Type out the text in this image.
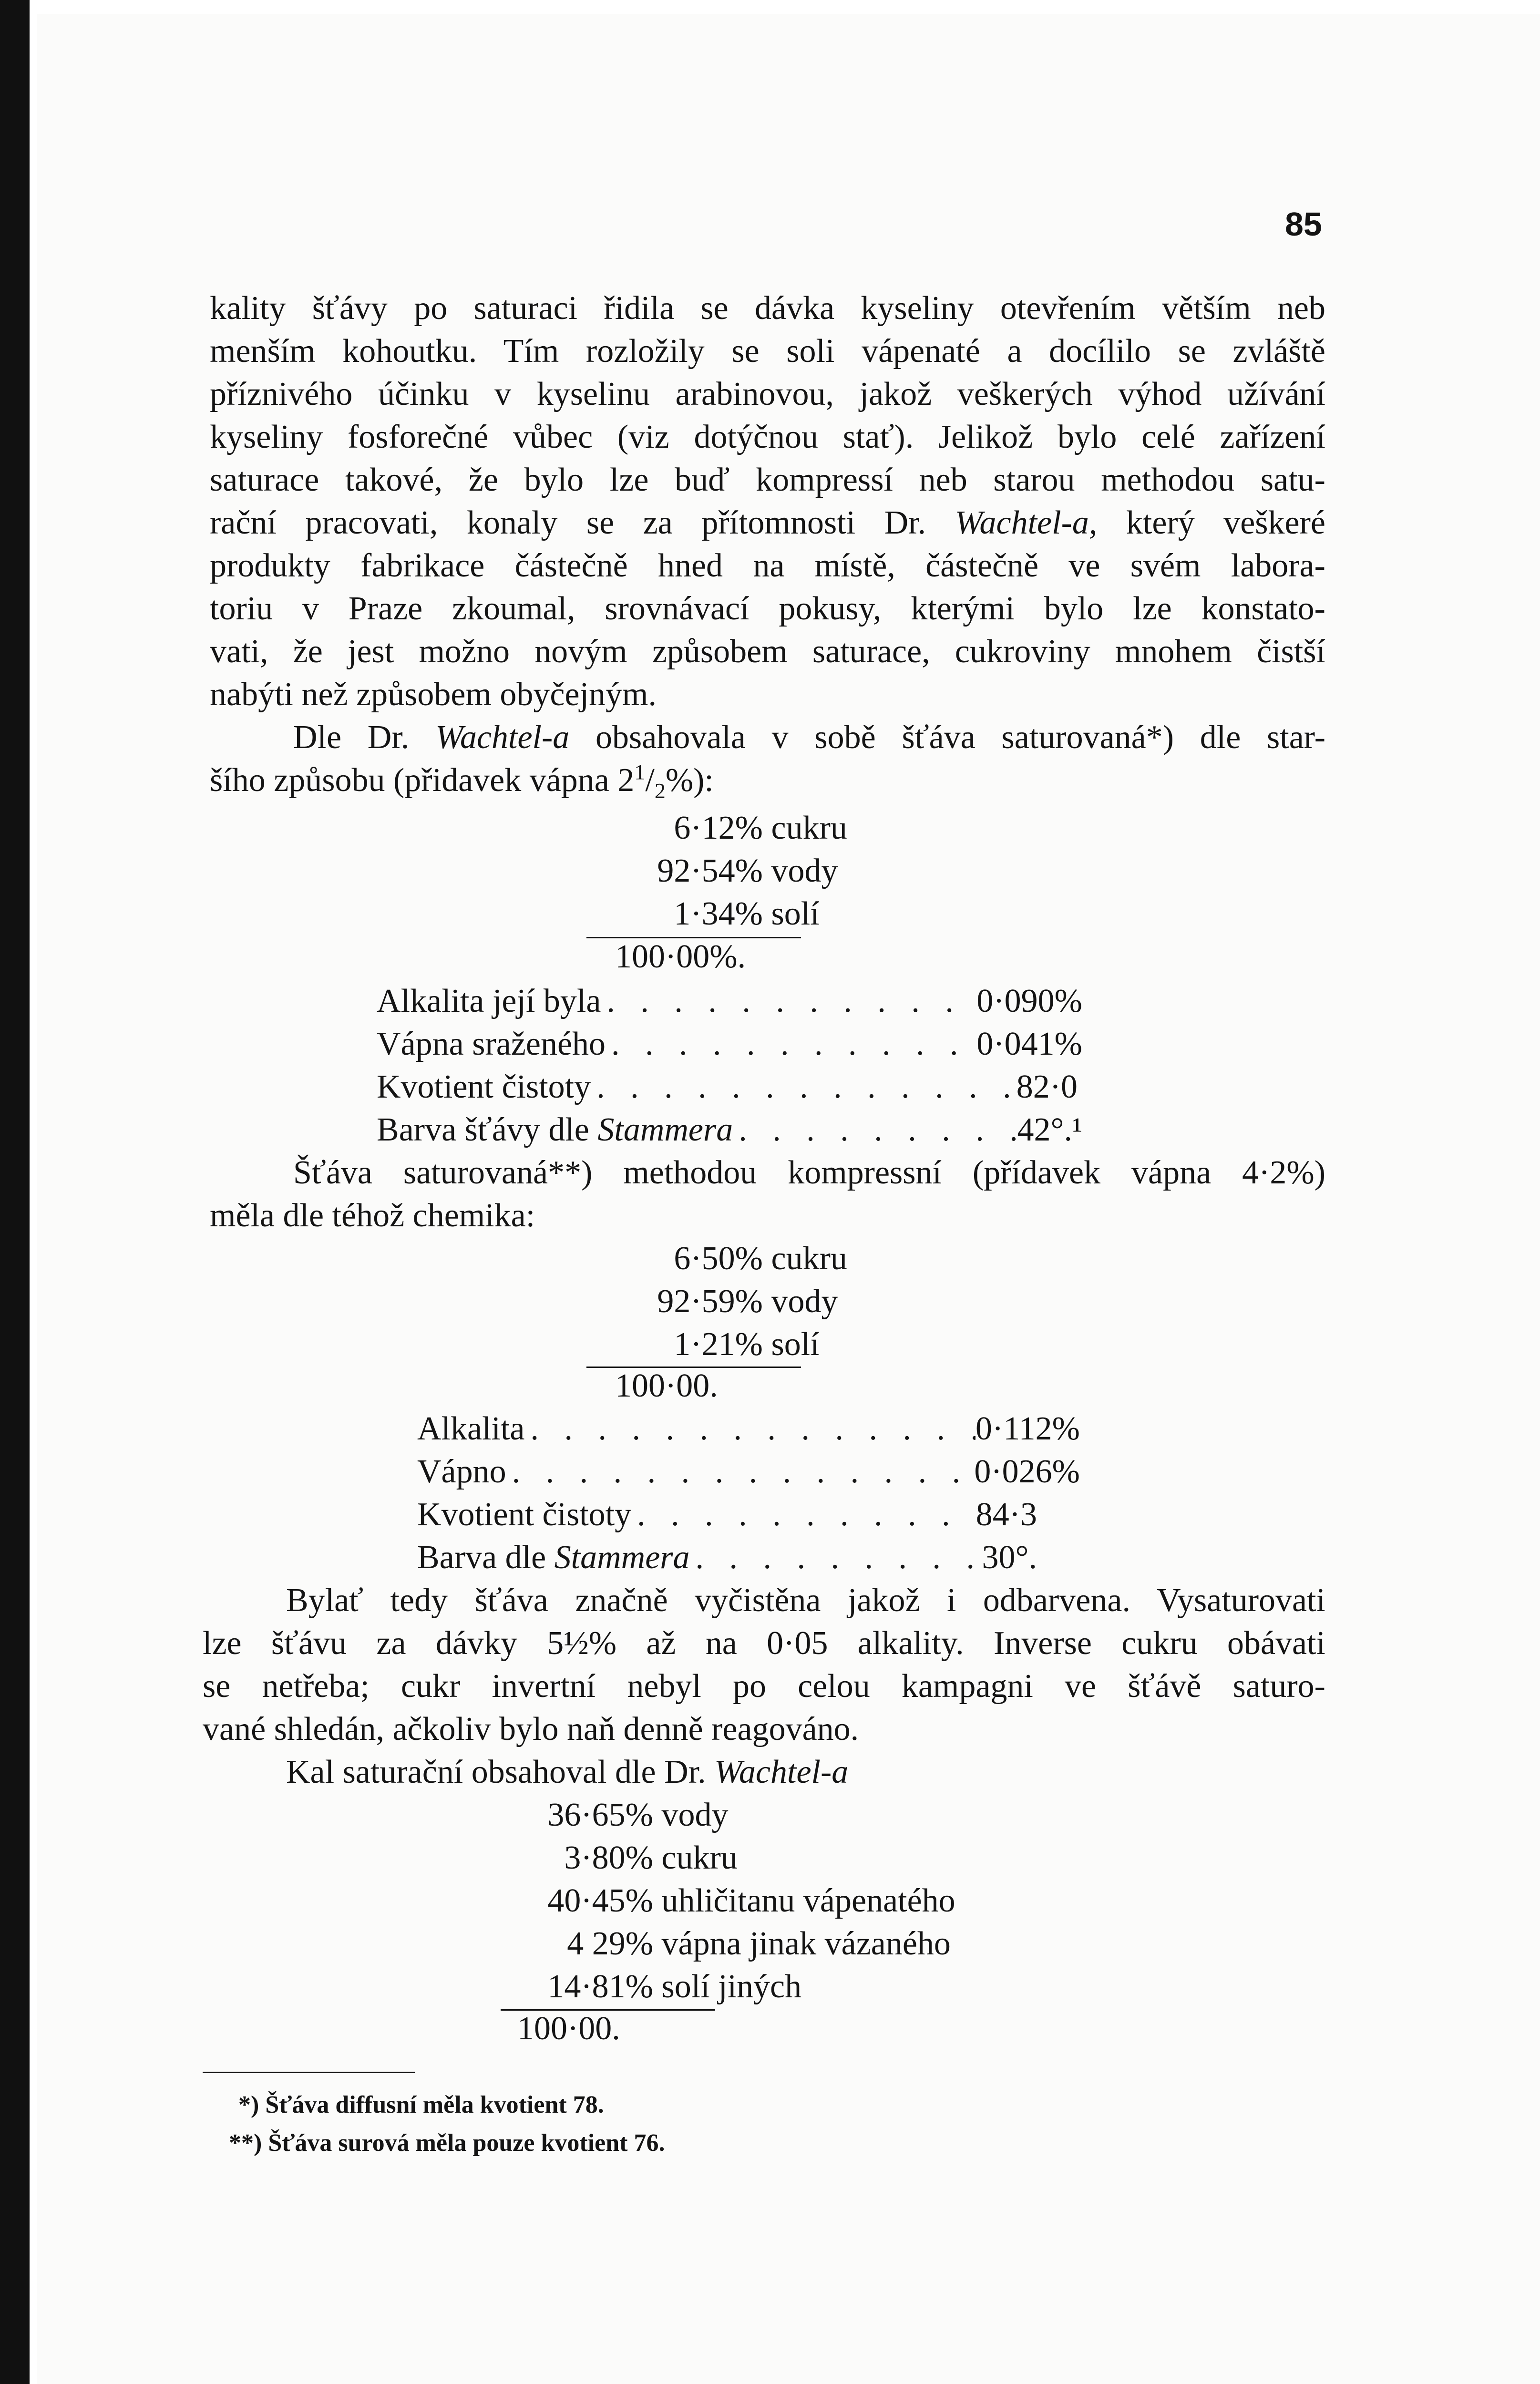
85
kality šťávy po saturaci řidila se dávka kyseliny otevřením větším neb
menším kohoutku. Tím rozložily se soli vápenaté a docílilo se zvláště
příznivého účinku v kyselinu arabinovou, jakož veškerých výhod užívání
kyseliny fosforečné vůbec (viz dotýčnou stať). Jelikož bylo celé zařízení
saturace takové, že bylo lze buď kompressí neb starou methodou satu-
rační pracovati, konaly se za přítomnosti Dr. Wachtel-a, který veškeré
produkty fabrikace částečně hned na místě, částečně ve svém labora-
toriu v Praze zkoumal, srovnávací pokusy, kterými bylo lze konstato-
vati, že jest možno novým způsobem saturace, cukroviny mnohem čistší
nabýti než způsobem obyčejným.
Dle Dr. Wachtel-a obsahovala v sobě šťáva saturovaná*) dle star-
šího způsobu (přidavek vápna $2^1/_2\%$):
6·12% cukru
92·54% vody
1·34% solí
100·00%.
Alkalita její byla . . .	0·090%
Vápna sraženého . . .	0·041%
Kvotient čistoty . . .	82·0
Barva šťávy dle Stammera . . .	42°.¹
Šťáva saturovaná**) methodou kompressní (přídavek vápna 4·2%)
měla dle téhož chemika:
6·50% cukru
92·59% vody
1·21% solí
100·00.
Alkalita . . .	0·112%
Vápno . . .	0·026%
Kvotient čistoty . . .	84·3
Barva dle Stammera . . .	30°.
Bylať tedy šťáva značně vyčistěna jakož i odbarvena. Vysaturovati
lze šťávu za dávky 5½% až na 0·05 alkality. Inverse cukru obávati
se netřeba; cukr invertní nebyl po celou kampagni ve šťávě saturo-
vané shledán, ačkoliv bylo naň denně reagováno.
Kal saturační obsahoval dle Dr. Wachtel-a
36·65% vody
3·80% cukru
40·45% uhličitanu vápenatého
4 29% vápna jinak vázaného
14·81% solí jiných
100·00.
*) Šťáva diffusní měla kvotient 78.
**) Šťáva surová měla pouze kvotient 76.
